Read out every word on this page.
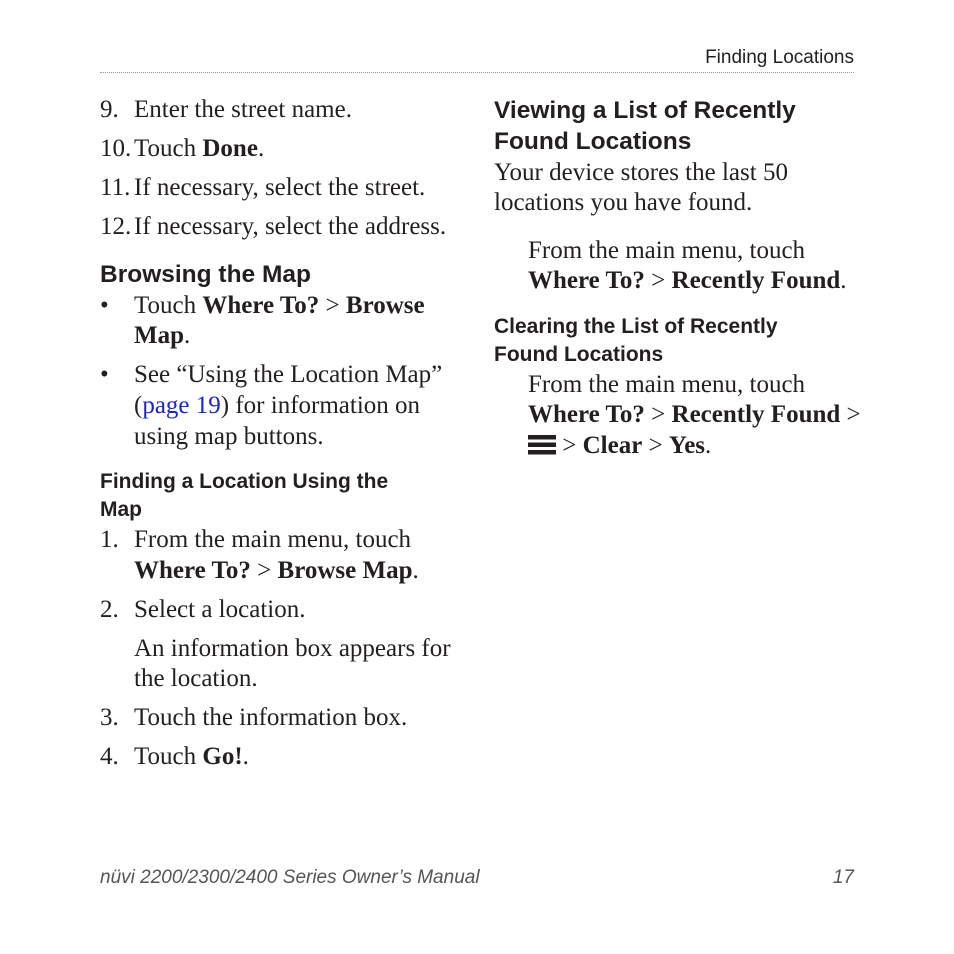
Finding Locations
9. Enter the street name.
10. Touch Done.
11. If necessary, select the street.
12. If necessary, select the address.
Browsing the Map
• Touch Where To? > Browse
Map.
• See “Using the Location Map”
(page 19) for information on
using map buttons.
Finding a Location Using the
Map
1. From the main menu, touch
Where To? > Browse Map.
2. Select a location.
An information box appears for
the location.
3. Touch the information box.
4. Touch Go!.
Viewing a List of Recently
Found Locations
Your device stores the last 50
locations you have found.
From the main menu, touch
Where To? > Recently Found.
Clearing the List of Recently
Found Locations
From the main menu, touch
Where To? > Recently Found >
> Clear > Yes.
nüvi 2200/2300/2400 Series Owner’s Manual	17
